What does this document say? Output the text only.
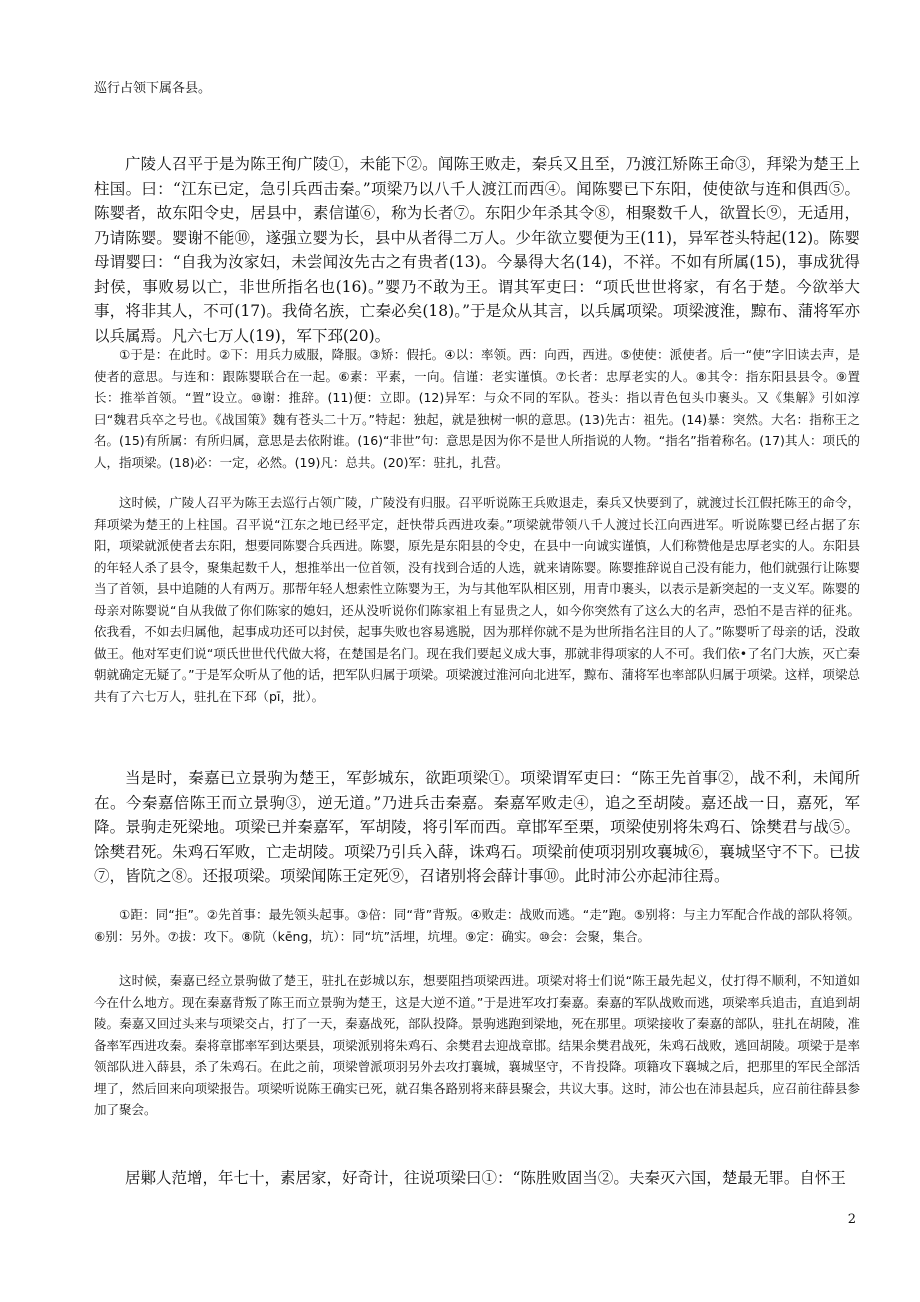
巡行占领下属各县。

广陵人召平于是为陈王徇广陵①，未能下②。闻陈王败走，秦兵又且至，乃渡江矫陈王命③，拜梁为楚王上柱国。曰：“江东已定，急引兵西击秦。”项梁乃以八千人渡江而西④。闻陈婴已下东阳，使使欲与连和俱西⑤。陈婴者，故东阳令史，居县中，素信谨⑥，称为长者⑦。东阳少年杀其令⑧，相聚数千人，欲置长⑨，无适用，乃请陈婴。婴谢不能⑩，遂强立婴为长，县中从者得二万人。少年欲立婴便为王(11)，异军苍头特起(12)。陈婴母谓婴曰：“自我为汝家妇，未尝闻汝先古之有贵者(13)。今暴得大名(14)，不祥。不如有所属(15)，事成犹得封侯，事败易以亡，非世所指名也(16)。”婴乃不敢为王。谓其军吏曰：“项氏世世将家，有名于楚。今欲举大事，将非其人，不可(17)。我倚名族，亡秦必矣(18)。”于是众从其言，以兵属项梁。项梁渡淮，黥布、蒲将军亦以兵属焉。凡六七万人(19)，军下邳(20)。

①于是：在此时。②下：用兵力威服，降服。③矫：假托。④以：率领。西：向西，西进。⑤使使：派使者。后一“使”字旧读去声，是使者的意思。与连和：跟陈婴联合在一起。⑥素：平素，一向。信谨：老实谨慎。⑦长者：忠厚老实的人。⑧其令：指东阳县县令。⑨置长：推举首领。“置”设立。⑩谢：推辞。(11)便：立即。(12)异军：与众不同的军队。苍头：指以青色包头巾裹头。又《集解》引如淳曰“魏君兵卒之号也。《战国策》魏有苍头二十万。”特起：独起，就是独树一帜的意思。(13)先古：祖先。(14)暴：突然。大名：指称王之名。(15)有所属：有所归属，意思是去依附谁。(16)“非世”句：意思是因为你不是世人所指说的人物。“指名”指着称名。(17)其人：项氏的人，指项梁。(18)必：一定，必然。(19)凡：总共。(20)军：驻扎，扎营。

这时候，广陵人召平为陈王去巡行占领广陵，广陵没有归服。召平听说陈王兵败退走，秦兵又快要到了，就渡过长江假托陈王的命令，拜项梁为楚王的上柱国。召平说“江东之地已经平定，赶快带兵西进攻秦。”项梁就带领八千人渡过长江向西进军。听说陈婴已经占据了东阳，项梁就派使者去东阳，想要同陈婴合兵西进。陈婴，原先是东阳县的令史，在县中一向诚实谨慎，人们称赞他是忠厚老实的人。东阳县的年轻人杀了县令，聚集起数千人，想推举出一位首领，没有找到合适的人选，就来请陈婴。陈婴推辞说自己没有能力，他们就强行让陈婴当了首领，县中追随的人有两万。那帮年轻人想索性立陈婴为王，为与其他军队相区别，用青巾裹头，以表示是新突起的一支义军。陈婴的母亲对陈婴说“自从我做了你们陈家的媳妇，还从没听说你们陈家祖上有显贵之人，如今你突然有了这么大的名声，恐怕不是吉祥的征兆。依我看，不如去归属他，起事成功还可以封侯，起事失败也容易逃脱，因为那样你就不是为世所指名注目的人了。”陈婴听了母亲的话，没敢做王。他对军吏们说“项氏世世代代做大将，在楚国是名门。现在我们要起义成大事，那就非得项家的人不可。我们依•了名门大族，灭亡秦朝就确定无疑了。”于是军众听从了他的话，把军队归属于项梁。项梁渡过淮河向北进军，黥布、蒲将军也率部队归属于项梁。这样，项梁总共有了六七万人，驻扎在下邳（pī，批）。

当是时，秦嘉已立景驹为楚王，军彭城东，欲距项梁①。项梁谓军吏曰：“陈王先首事②，战不利，未闻所在。今秦嘉倍陈王而立景驹③，逆无道。”乃进兵击秦嘉。秦嘉军败走④，追之至胡陵。嘉还战一日，嘉死，军降。景驹走死梁地。项梁已并秦嘉军，军胡陵，将引军而西。章邯军至栗，项梁使别将朱鸡石、馀樊君与战⑤。馀樊君死。朱鸡石军败，亡走胡陵。项梁乃引兵入薛，诛鸡石。项梁前使项羽别攻襄城⑥，襄城坚守不下。已拔⑦，皆阬之⑧。还报项梁。项梁闻陈王定死⑨，召诸别将会薛计事⑩。此时沛公亦起沛往焉。

①距：同“拒”。②先首事：最先领头起事。③倍：同“背”背叛。④败走：战败而逃。“走”跑。⑤别将：与主力军配合作战的部队将领。⑥别：另外。⑦拔：攻下。⑧阬（kēng，坑）：同“坑”活埋，坑埋。⑨定：确实。⑩会：会聚，集合。

这时候，秦嘉已经立景驹做了楚王，驻扎在彭城以东，想要阻挡项梁西进。项梁对将士们说“陈王最先起义，仗打得不顺利，不知道如今在什么地方。现在秦嘉背叛了陈王而立景驹为楚王，这是大逆不道。”于是进军攻打秦嘉。秦嘉的军队战败而逃，项梁率兵追击，直追到胡陵。秦嘉又回过头来与项梁交占，打了一天，秦嘉战死，部队投降。景驹逃跑到梁地，死在那里。项梁接收了秦嘉的部队，驻扎在胡陵，准备率军西进攻秦。秦将章邯率军到达栗县，项梁派别将朱鸡石、余樊君去迎战章邯。结果余樊君战死，朱鸡石战败，逃回胡陵。项梁于是率领部队进入薛县，杀了朱鸡石。在此之前，项梁曾派项羽另外去攻打襄城，襄城坚守，不肯投降。项籍攻下襄城之后，把那里的军民全部活埋了，然后回来向项梁报告。项梁听说陈王确实已死，就召集各路别将来薛县聚会，共议大事。这时，沛公也在沛县起兵，应召前往薛县参加了聚会。

居鄛人范增，年七十，素居家，好奇计，往说项梁曰①：“陈胜败固当②。夫秦灭六国，楚最无罪。自怀王

2
